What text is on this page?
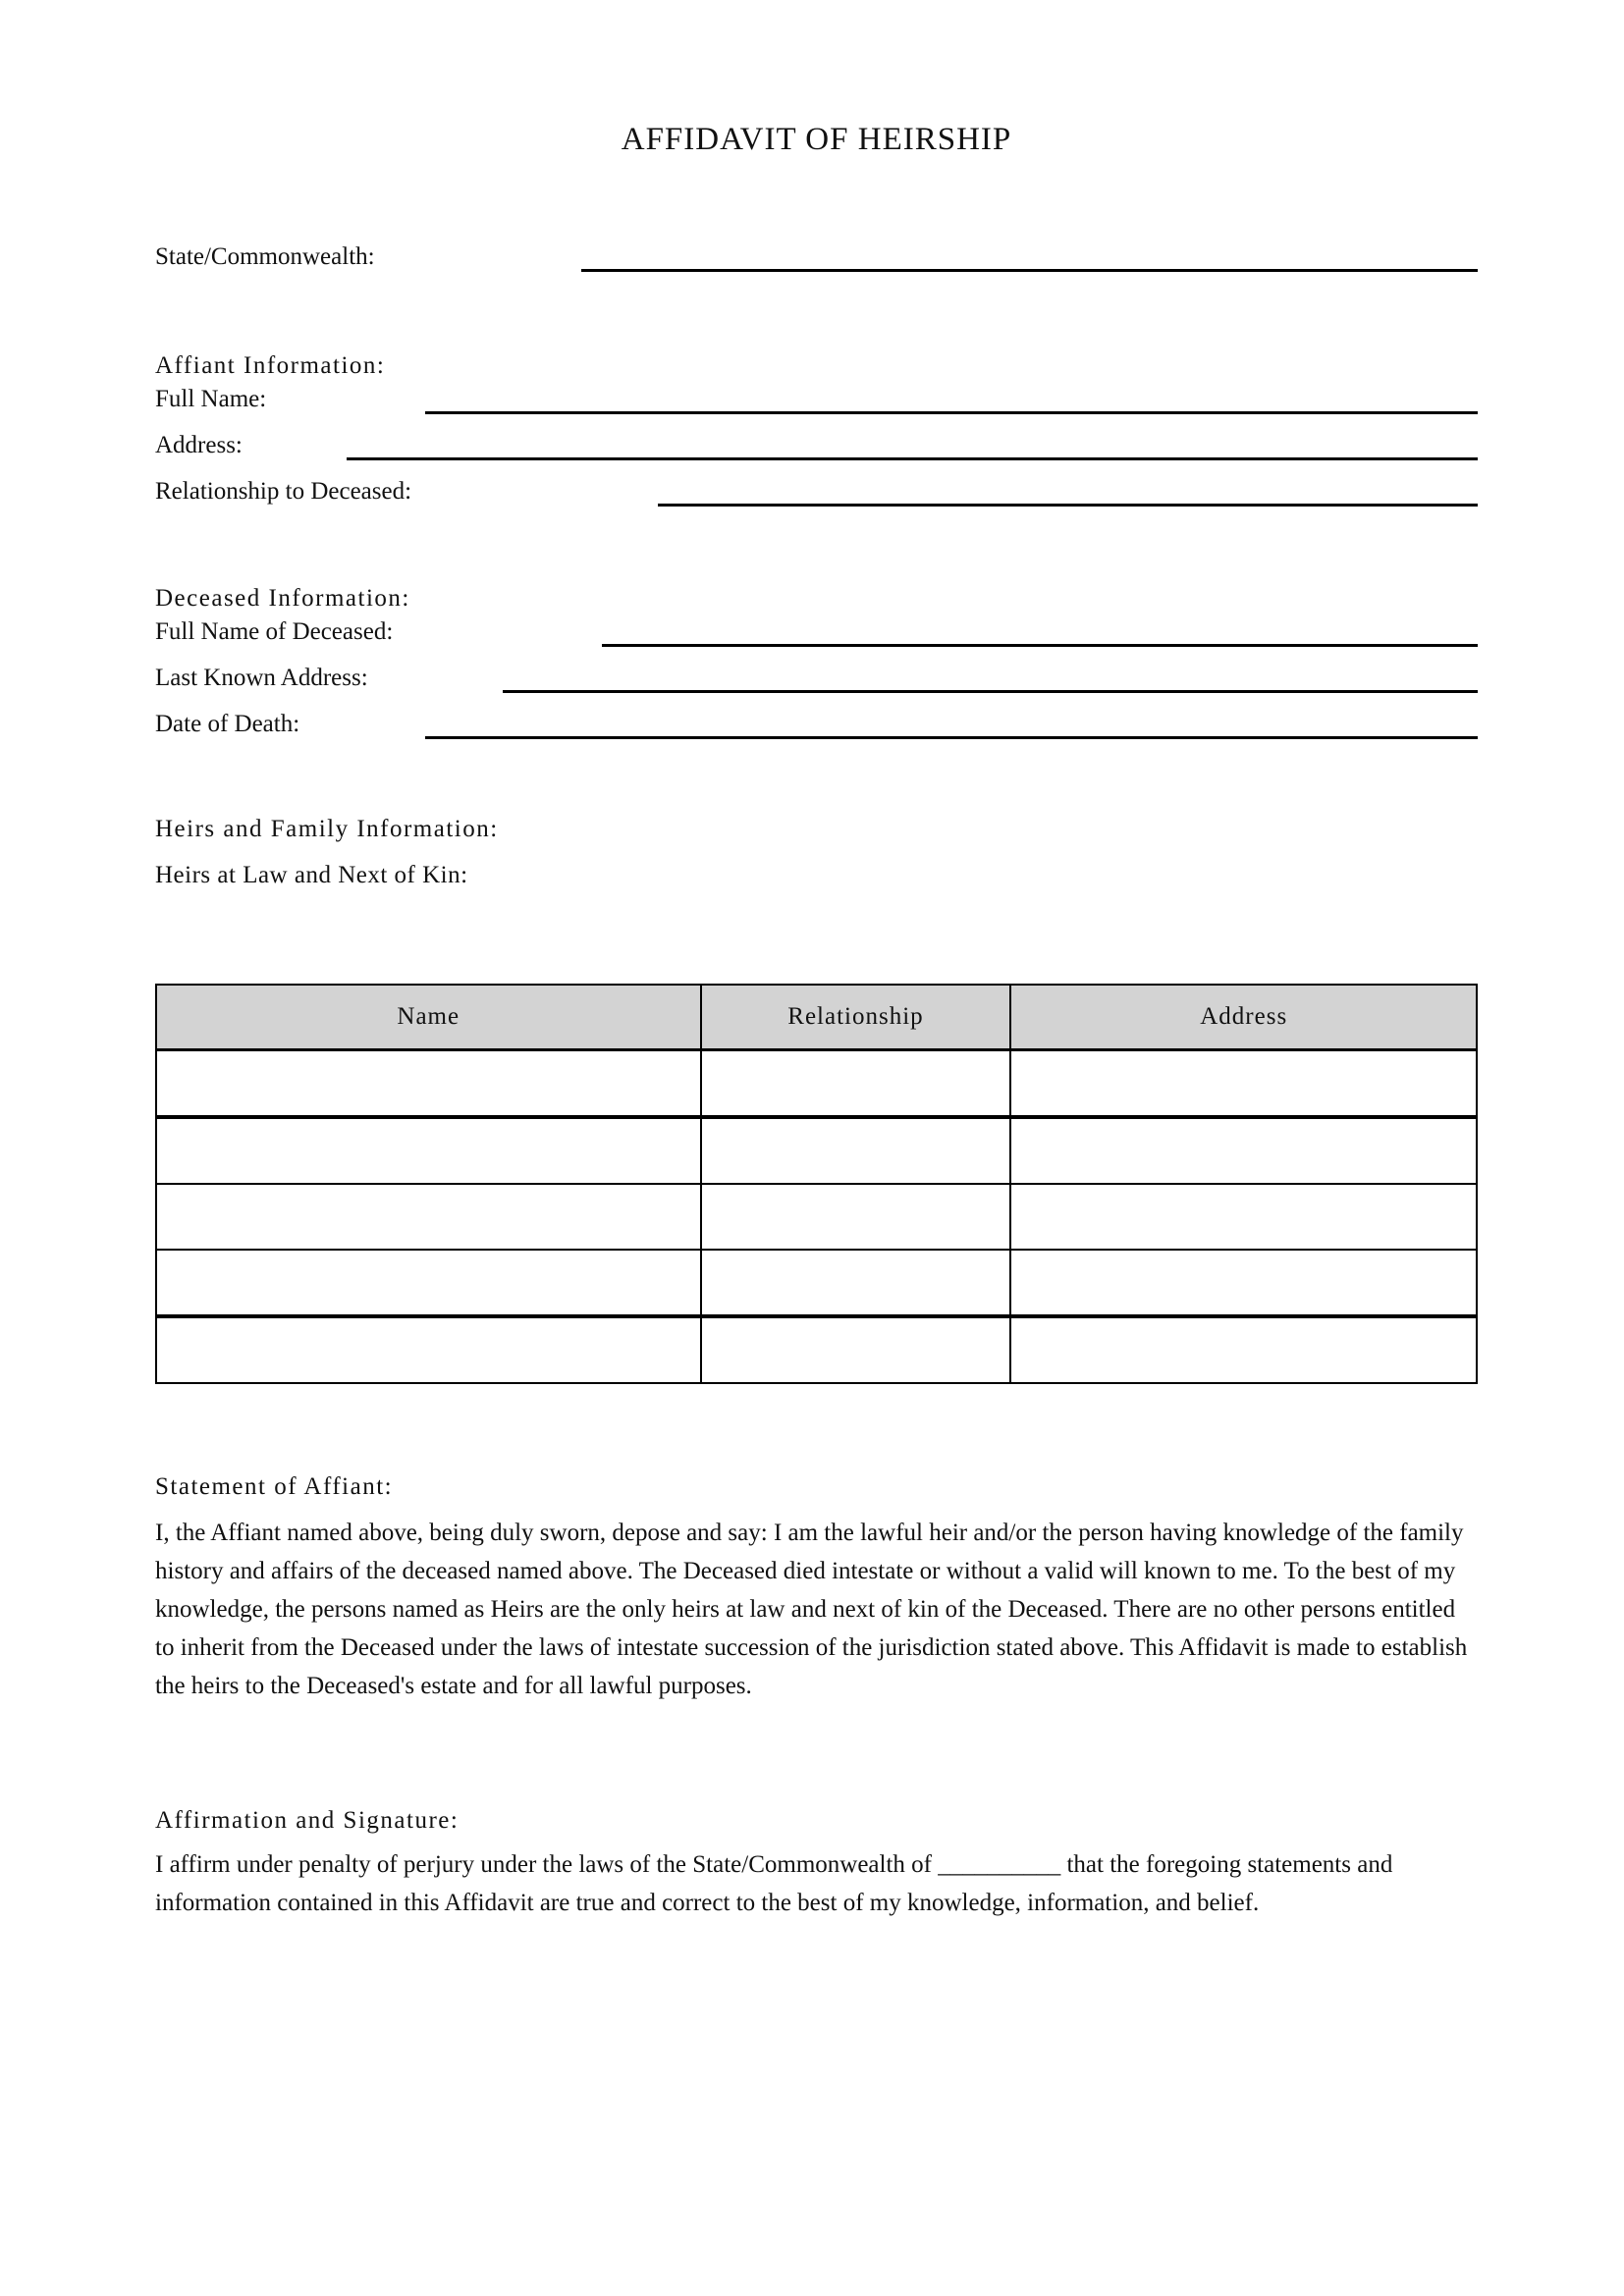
AFFIDAVIT OF HEIRSHIP
State/Commonwealth:
Affiant Information:
Full Name:
Address:
Relationship to Deceased:
Deceased Information:
Full Name of Deceased:
Last Known Address:
Date of Death:
Heirs and Family Information:
Heirs at Law and Next of Kin:
Name	Relationship	Address

Statement of Affiant:

I, the Affiant named above, being duly sworn, depose and say: I am the lawful heir and/or the person having knowledge of the family history and affairs of the deceased named above. The Deceased died intestate or without a valid will known to me. To the best of my knowledge, the persons named as Heirs are the only heirs at law and next of kin of the Deceased. There are no other persons entitled to inherit from the Deceased under the laws of intestate succession of the jurisdiction stated above. This Affidavit is made to establish the heirs to the Deceased's estate and for all lawful purposes.

Affirmation and Signature:

I affirm under penalty of perjury under the laws of the State/Commonwealth of __________ that the foregoing statements and information contained in this Affidavit are true and correct to the best of my knowledge, information, and belief.
